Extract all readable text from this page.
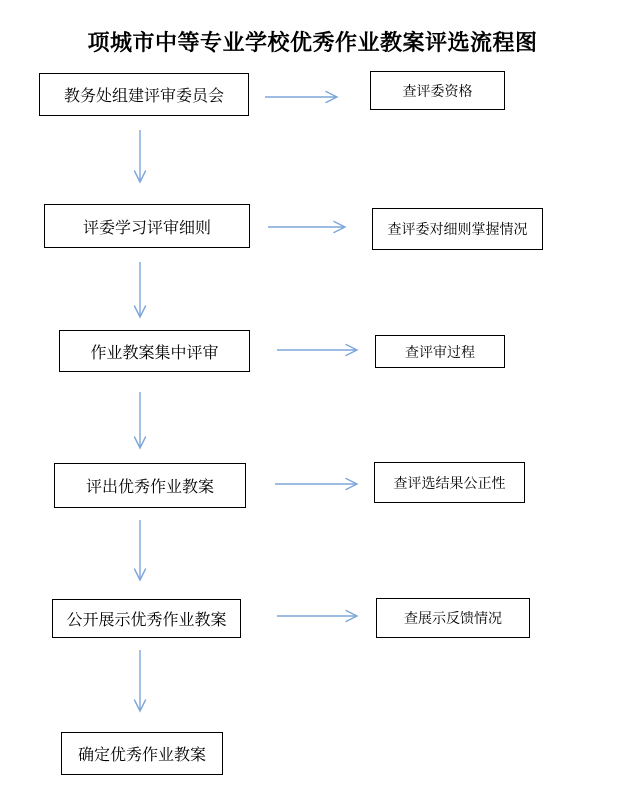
项城市中等专业学校优秀作业教案评选流程图
教务处组建评审委员会	查评委资格
评委学习评审细则	查评委对细则掌握情况
作业教案集中评审	查评审过程
评出优秀作业教案	查评选结果公正性
公开展示优秀作业教案	查展示反馈情况
确定优秀作业教案
